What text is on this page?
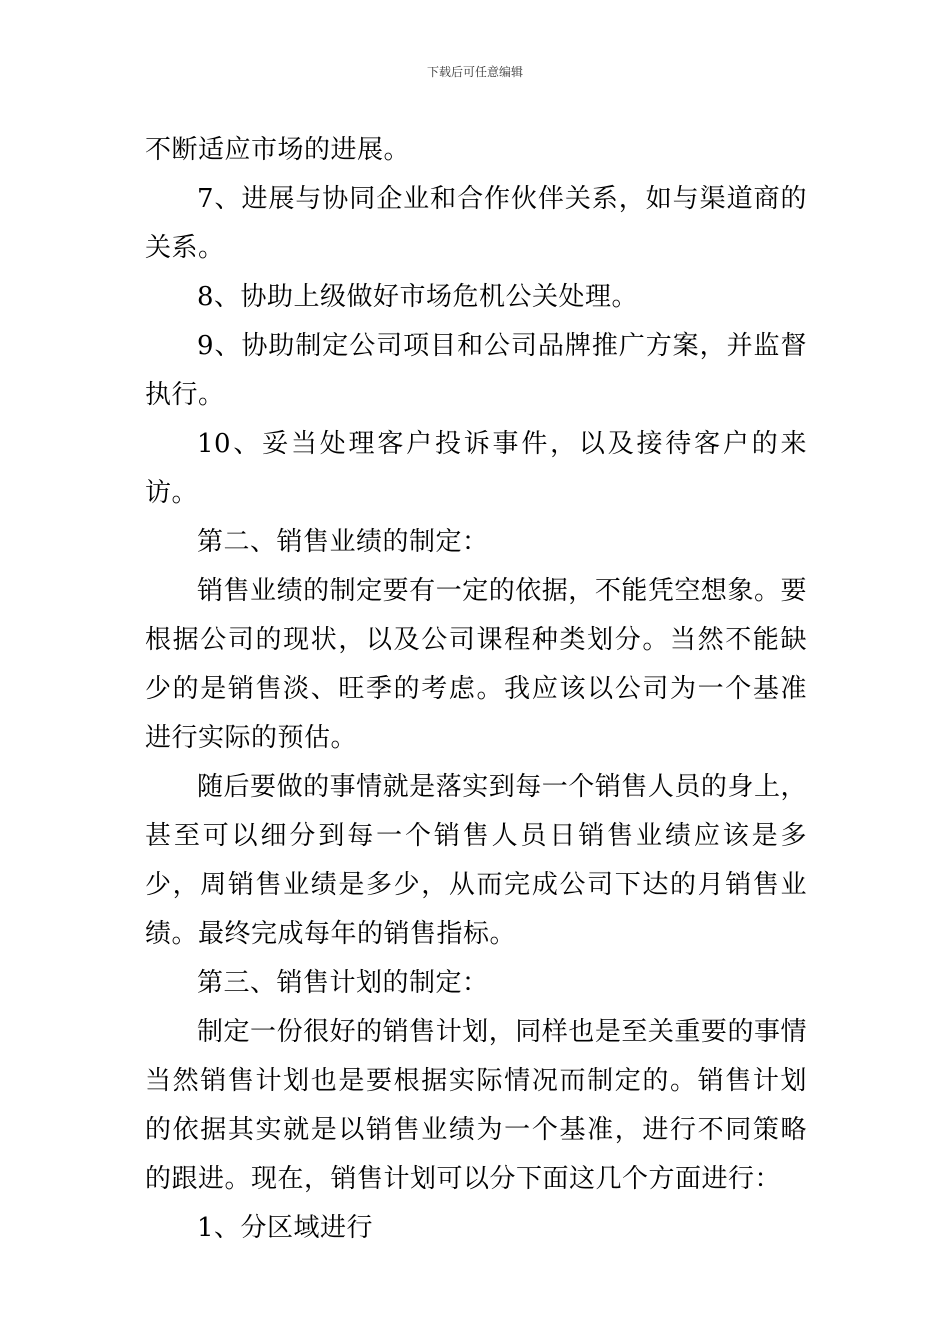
下载后可任意编辑

不断适应市场的进展。

7、进展与协同企业和合作伙伴关系，如与渠道商的关系。

8、协助上级做好市场危机公关处理。

9、协助制定公司项目和公司品牌推广方案，并监督执行。

10、妥当处理客户投诉事件，以及接待客户的来访。

第二、销售业绩的制定：

销售业绩的制定要有一定的依据，不能凭空想象。要根据公司的现状，以及公司课程种类划分。当然不能缺少的是销售淡、旺季的考虑。我应该以公司为一个基准进行实际的预估。

随后要做的事情就是落实到每一个销售人员的身上，甚至可以细分到每一个销售人员日销售业绩应该是多少，周销售业绩是多少，从而完成公司下达的月销售业绩。最终完成每年的销售指标。

第三、销售计划的制定：

制定一份很好的销售计划，同样也是至关重要的事情当然销售计划也是要根据实际情况而制定的。销售计划的依据其实就是以销售业绩为一个基准，进行不同策略的跟进。现在，销售计划可以分下面这几个方面进行：

1、分区域进行
